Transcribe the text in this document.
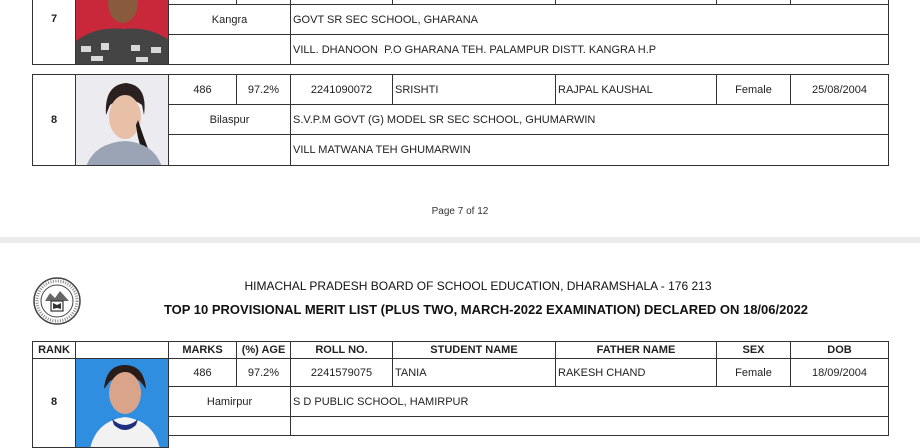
7	Kangra	GOVT SR SEC SCHOOL, GHARANA
VILL. DHANOON  P.O GHARANA TEH. PALAMPUR DISTT. KANGRA H.P
8
486	97.2%	2241090072	SRISHTI	RAJPAL KAUSHAL	Female	25/08/2004
Bilaspur	S.V.P.M GOVT (G) MODEL SR SEC SCHOOL, GHUMARWIN
VILL MATWANA TEH GHUMARWIN
Page 7 of 12
HIMACHAL PRADESH BOARD OF SCHOOL EDUCATION, DHARAMSHALA - 176 213
TOP 10 PROVISIONAL MERIT LIST (PLUS TWO, MARCH-2022 EXAMINATION) DECLARED ON 18/06/2022
RANK	MARKS	(%) AGE	ROLL NO.	STUDENT NAME	FATHER NAME	SEX	DOB
8
486	97.2%	2241579075	TANIA	RAKESH CHAND	Female	18/09/2004
Hamirpur	S D PUBLIC SCHOOL, HAMIRPUR
